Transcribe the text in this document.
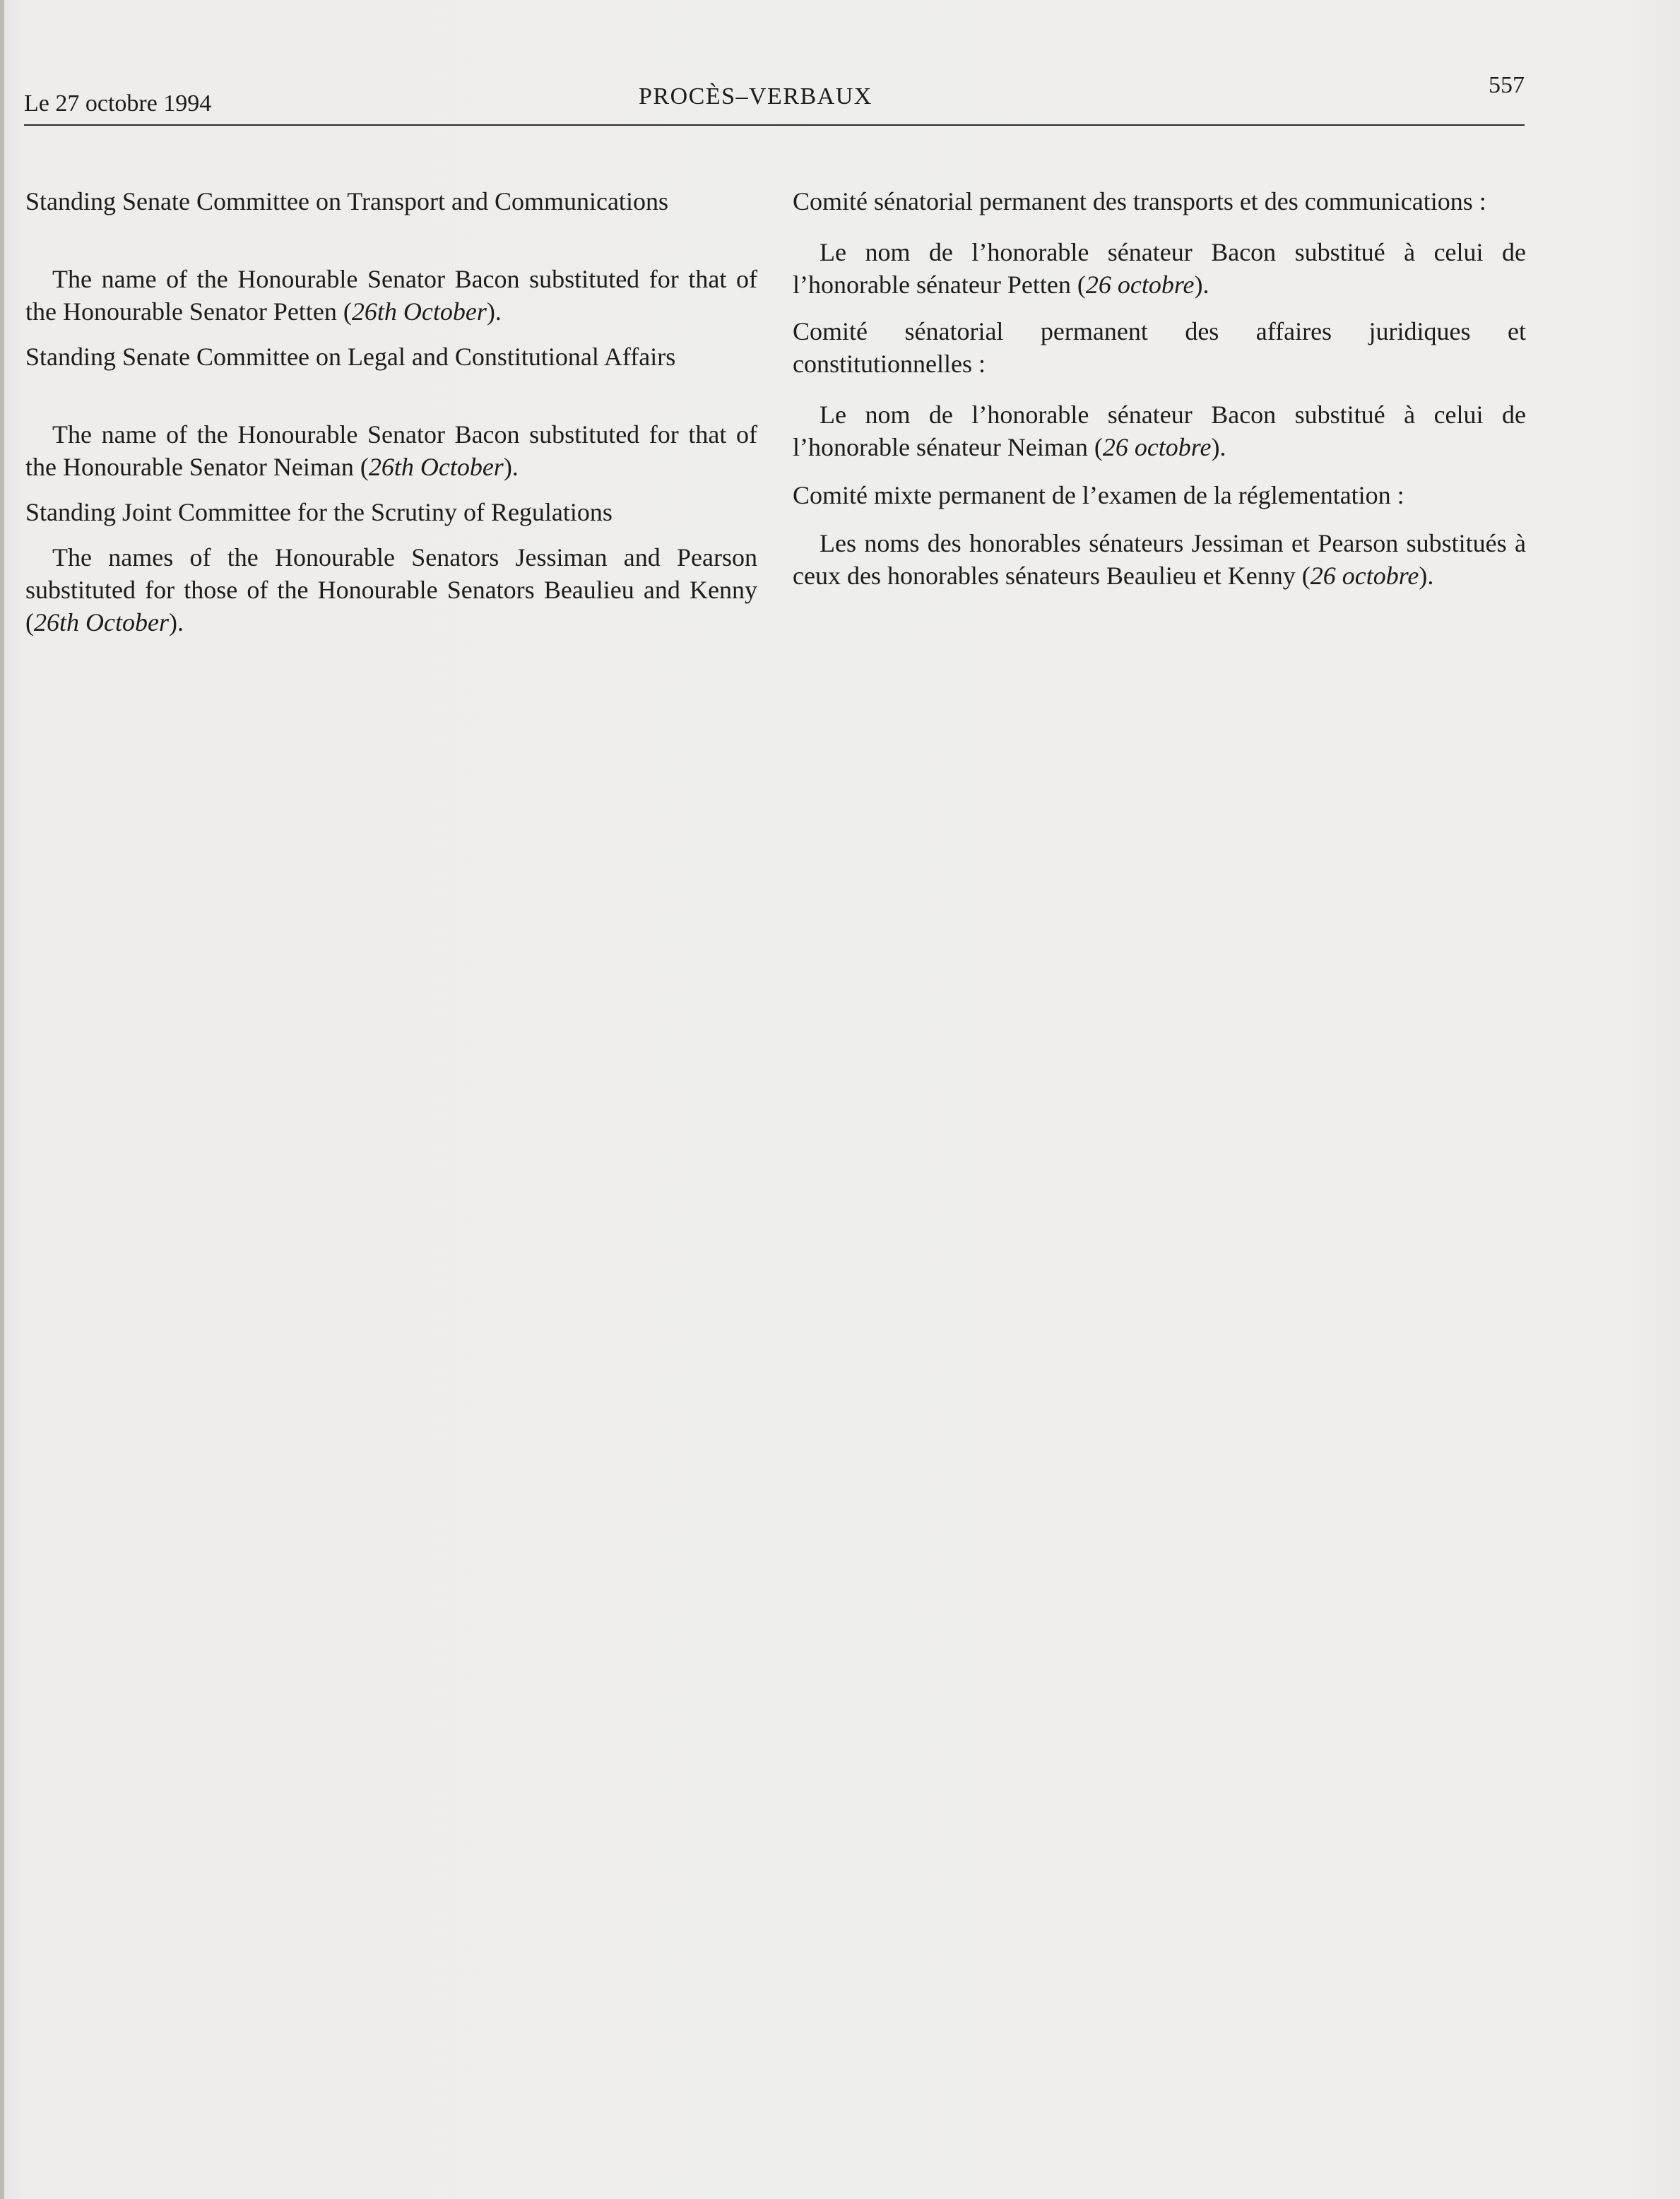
Le 27 octobre 1994	PROCÈS–VERBAUX	557

Standing Senate Committee on Transport and Communications

The name of the Honourable Senator Bacon substituted for that of the Honourable Senator Petten (26th October).

Standing Senate Committee on Legal and Constitutional Affairs

The name of the Honourable Senator Bacon substituted for that of the Honourable Senator Neiman (26th October).

Standing Joint Committee for the Scrutiny of Regulations

The names of the Honourable Senators Jessiman and Pearson substituted for those of the Honourable Senators Beaulieu and Kenny (26th October).

Comité sénatorial permanent des transports et des communications :

Le nom de l’honorable sénateur Bacon substitué à celui de l’honorable sénateur Petten (26 octobre).

Comité sénatorial permanent des affaires juridiques et constitutionnelles :

Le nom de l’honorable sénateur Bacon substitué à celui de l’honorable sénateur Neiman (26 octobre).

Comité mixte permanent de l’examen de la réglementation :

Les noms des honorables sénateurs Jessiman et Pearson substitués à ceux des honorables sénateurs Beaulieu et Kenny (26 octobre).
